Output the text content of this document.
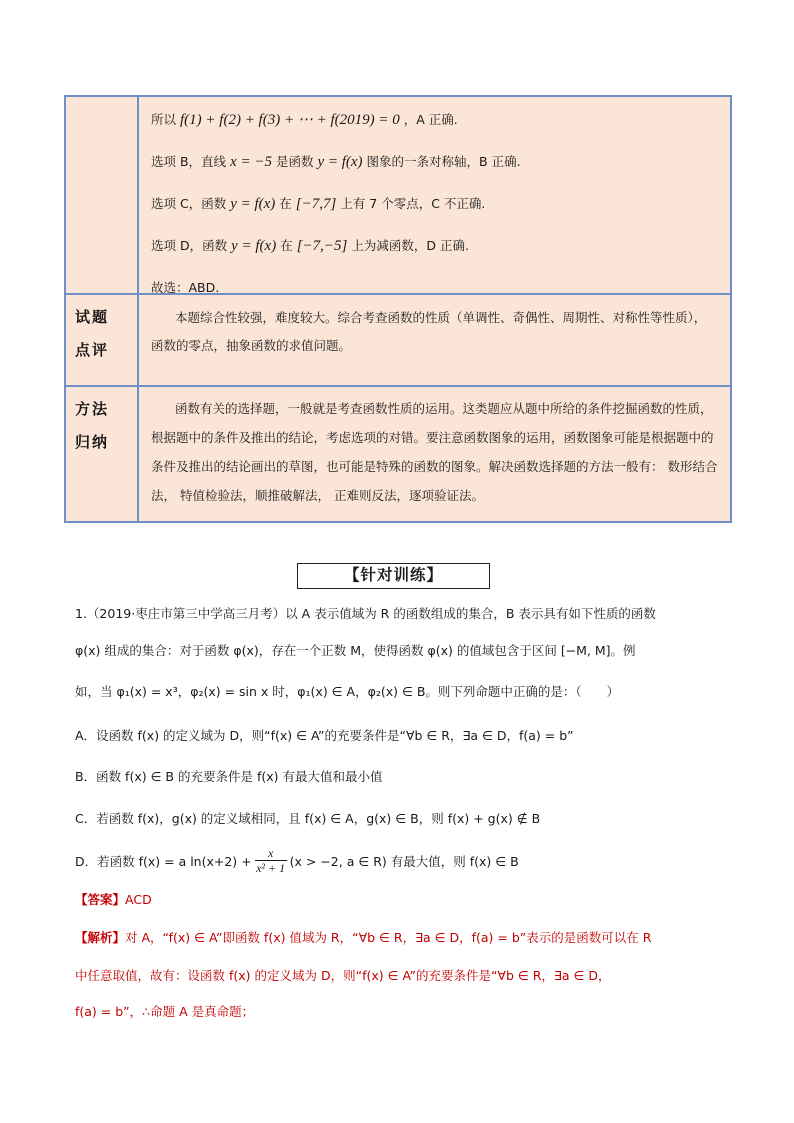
所以 f(1) + f(2) + f(3) + ⋯ + f(2019) = 0 ，A 正确.
选项 B，直线 x = −5 是函数 y = f(x) 图象的一条对称轴，B 正确.
选项 C，函数 y = f(x) 在 [−7,7] 上有 7 个零点，C 不正确.
选项 D，函数 y = f(x) 在 [−7,−5] 上为减函数，D 正确.
故选：ABD.
试题
点评
本题综合性较强，难度较大。综合考查函数的性质（单调性、奇偶性、周期性、对称性等性质），函数的零点，抽象函数的求值问题。
方法
归纳
函数有关的选择题，一般就是考查函数性质的运用。这类题应从题中所给的条件挖掘函数的性质，根据题中的条件及推出的结论，考虑选项的对错。要注意函数图象的运用，函数图象可能是根据题中的条件及推出的结论画出的草图，也可能是特殊的函数的图象。解决函数选择题的方法一般有： 数形结合法， 特值检验法，顺推破解法， 正难则反法，逐项验证法。
【针对训练】
1.（2019·枣庄市第三中学高三月考）以 A 表示值域为 R 的函数组成的集合，B 表示具有如下性质的函数
φ(x) 组成的集合：对于函数 φ(x)，存在一个正数 M，使得函数 φ(x) 的值域包含于区间 [−M, M]。例
如，当 φ₁(x) = x³，φ₂(x) = sin x 时，φ₁(x) ∈ A，φ₂(x) ∈ B。则下列命题中正确的是：（　　）
A．设函数 f(x) 的定义域为 D，则“f(x) ∈ A”的充要条件是“∀b ∈ R，∃a ∈ D，f(a) = b”
B．函数 f(x) ∈ B 的充要条件是 f(x) 有最大值和最小值
C．若函数 f(x)，g(x) 的定义域相同，且 f(x) ∈ A，g(x) ∈ B，则 f(x) + g(x) ∉ B
D．若函数 f(x) = a ln(x+2) +
x
x² + 1 (x > −2, a ∈ R) 有最大值，则 f(x) ∈ B
【答案】ACD
【解析】对 A，“f(x) ∈ A”即函数 f(x) 值域为 R，“∀b ∈ R，∃a ∈ D，f(a) = b”表示的是函数可以在 R
中任意取值，故有：设函数 f(x) 的定义域为 D，则“f(x) ∈ A”的充要条件是“∀b ∈ R，∃a ∈ D，
f(a) = b”，∴命题 A 是真命题；
